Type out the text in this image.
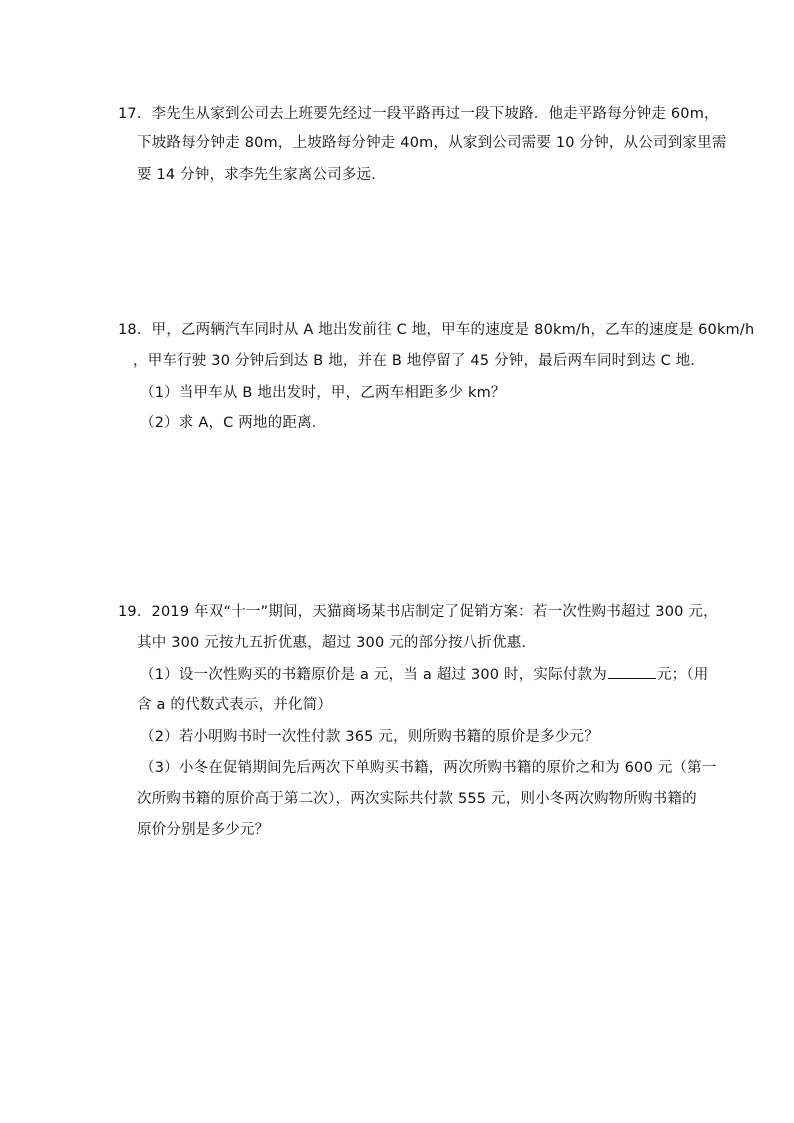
17．李先生从家到公司去上班要先经过一段平路再过一段下坡路．他走平路每分钟走 60m，
下坡路每分钟走 80m，上坡路每分钟走 40m，从家到公司需要 10 分钟，从公司到家里需
要 14 分钟，求李先生家离公司多远．
18．甲，乙两辆汽车同时从 A 地出发前往 C 地，甲车的速度是 80km/h，乙车的速度是 60km/h
，甲车行驶 30 分钟后到达 B 地，并在 B 地停留了 45 分钟，最后两车同时到达 C 地．
（1）当甲车从 B 地出发时，甲，乙两车相距多少 km？
（2）求 A，C 两地的距离．
19．2019 年双“十一”期间，天猫商场某书店制定了促销方案：若一次性购书超过 300 元，
其中 300 元按九五折优惠，超过 300 元的部分按八折优惠．
（1）设一次性购买的书籍原价是 a 元，当 a 超过 300 时，实际付款为	元；（用
含 a 的代数式表示，并化简）
（2）若小明购书时一次性付款 365 元，则所购书籍的原价是多少元？
（3）小冬在促销期间先后两次下单购买书籍，两次所购书籍的原价之和为 600 元（第一
次所购书籍的原价高于第二次），两次实际共付款 555 元，则小冬两次购物所购书籍的
原价分别是多少元？
